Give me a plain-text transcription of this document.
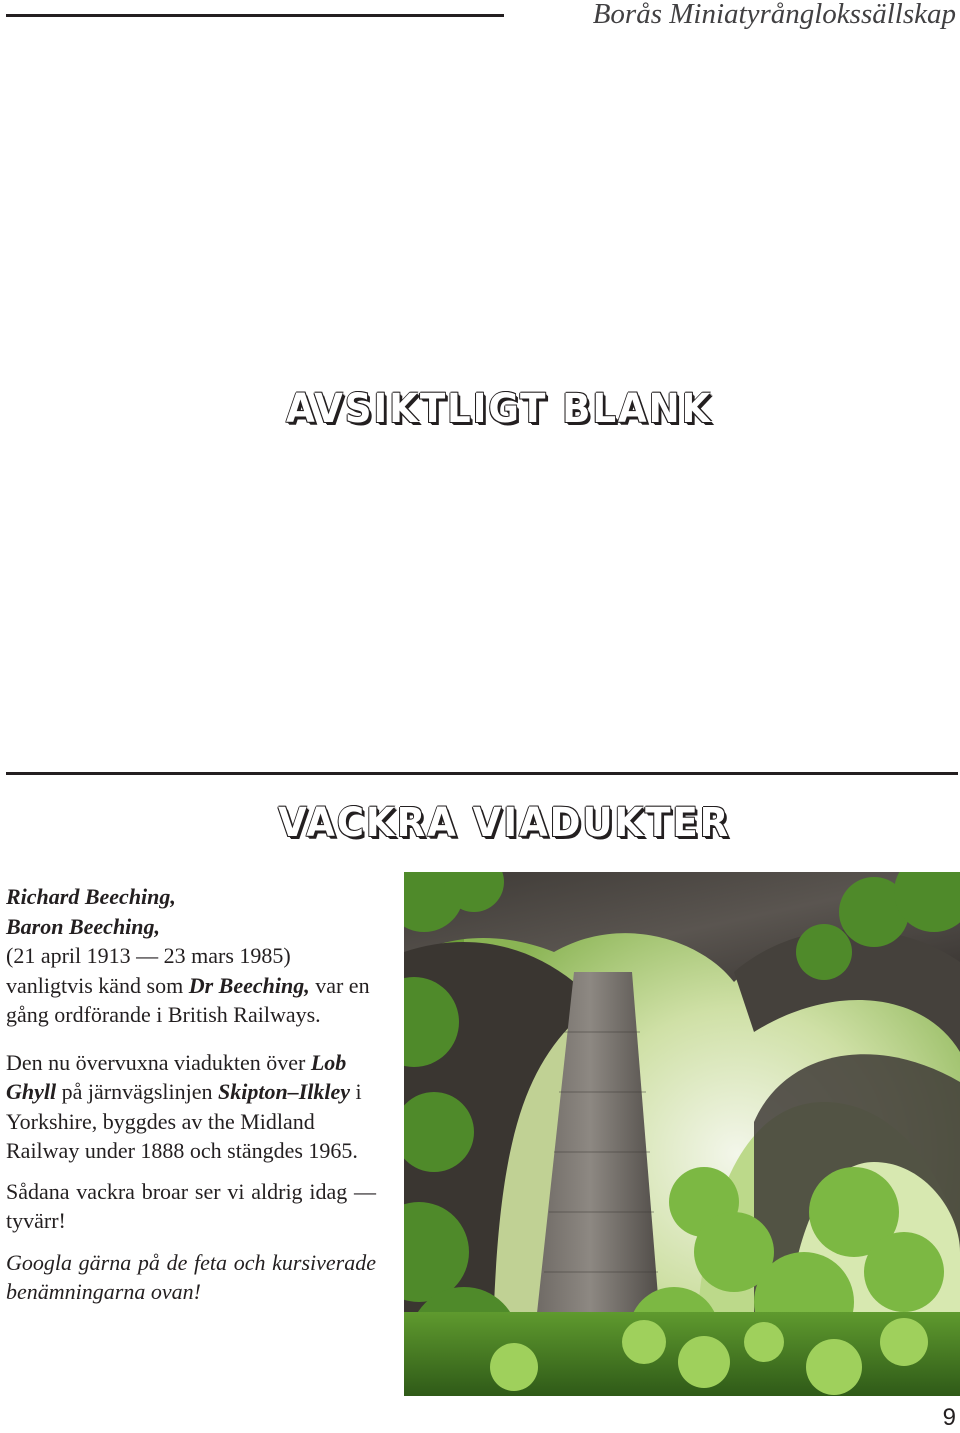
Borås Miniatyrånglokssällskap
AVSIKTLIGT BLANK
VACKRA VIADUKTER

Richard Beeching,

Baron Beeching,

(21 april 1913 — 23 mars 1985)

vanligtvis känd som Dr Beeching, var en gång ordförande i British Railways.

Den nu övervuxna viadukten över Lob Ghyll på järnvägslinjen Skipton–Ilkley i Yorkshire, byggdes av the Midland Railway under 1888 och stängdes 1965.

Sådana vackra broar ser vi aldrig idag — tyvärr!

Googla gärna på de feta och kursiverade benämningarna ovan!

9
